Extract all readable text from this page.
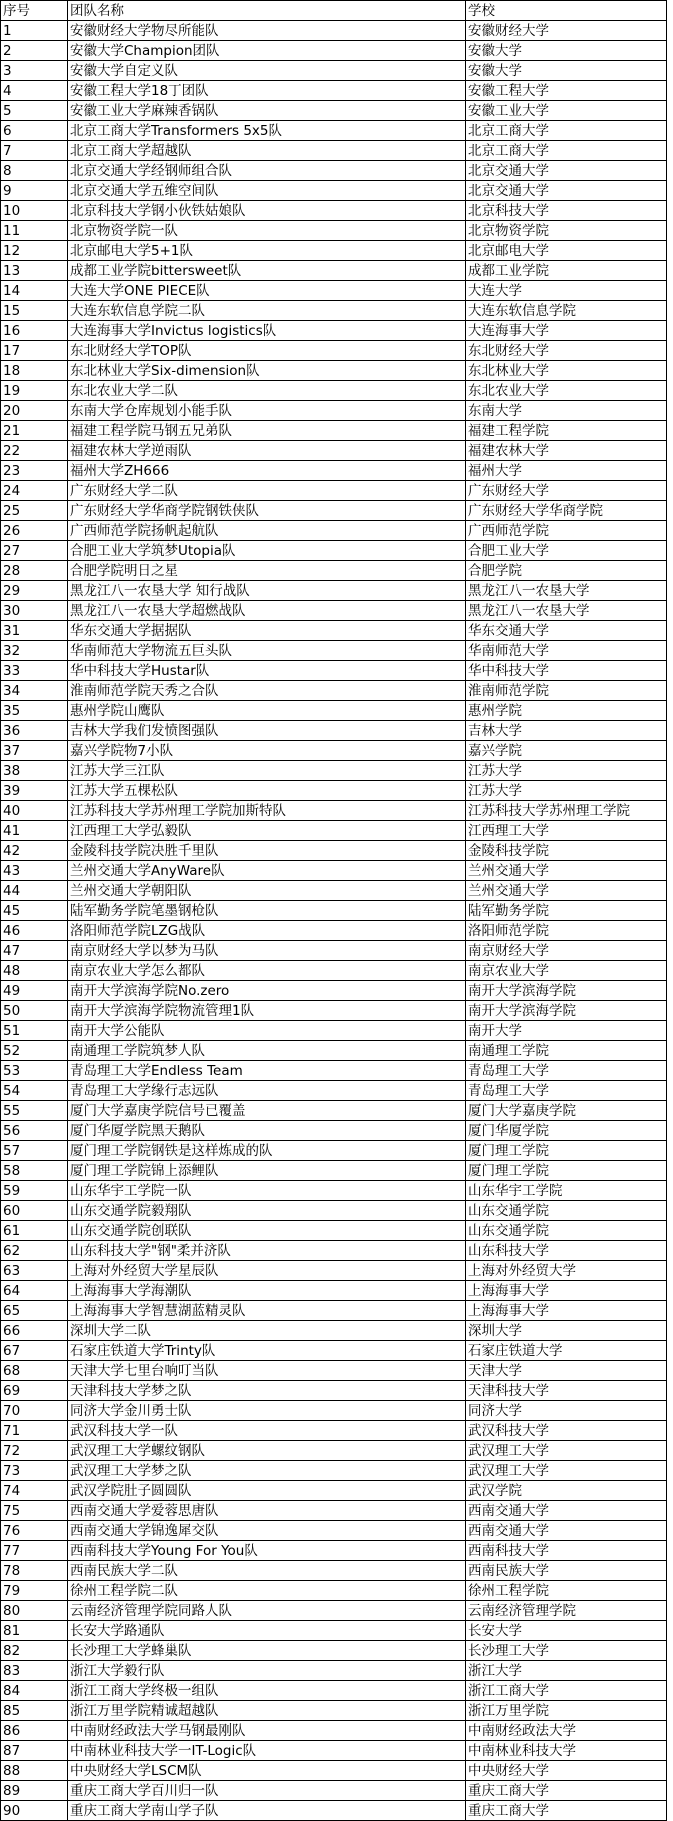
序号	团队名称	学校
1	安徽财经大学物尽所能队	安徽财经大学
2	安徽大学Champion团队	安徽大学
3	安徽大学自定义队	安徽大学
4	安徽工程大学18丁团队	安徽工程大学
5	安徽工业大学麻辣香锅队	安徽工业大学
6	北京工商大学Transformers 5x5队	北京工商大学
7	北京工商大学超越队	北京工商大学
8	北京交通大学经钢师组合队	北京交通大学
9	北京交通大学五维空间队	北京交通大学
10	北京科技大学钢小伙铁姑娘队	北京科技大学
11	北京物资学院一队	北京物资学院
12	北京邮电大学5+1队	北京邮电大学
13	成都工业学院bittersweet队	成都工业学院
14	大连大学ONE PIECE队	大连大学
15	大连东软信息学院二队	大连东软信息学院
16	大连海事大学Invictus logistics队	大连海事大学
17	东北财经大学TOP队	东北财经大学
18	东北林业大学Six-dimension队	东北林业大学
19	东北农业大学二队	东北农业大学
20	东南大学仓库规划小能手队	东南大学
21	福建工程学院马钢五兄弟队	福建工程学院
22	福建农林大学逆雨队	福建农林大学
23	福州大学ZH666	福州大学
24	广东财经大学二队	广东财经大学
25	广东财经大学华商学院钢铁侠队	广东财经大学华商学院
26	广西师范学院扬帆起航队	广西师范学院
27	合肥工业大学筑梦Utopia队	合肥工业大学
28	合肥学院明日之星	合肥学院
29	黑龙江八一农垦大学 知行战队	黑龙江八一农垦大学
30	黑龙江八一农垦大学超燃战队	黑龙江八一农垦大学
31	华东交通大学据据队	华东交通大学
32	华南师范大学物流五巨头队	华南师范大学
33	华中科技大学Hustar队	华中科技大学
34	淮南师范学院天秀之合队	淮南师范学院
35	惠州学院山鹰队	惠州学院
36	吉林大学我们发愤图强队	吉林大学
37	嘉兴学院物7小队	嘉兴学院
38	江苏大学三江队	江苏大学
39	江苏大学五棵松队	江苏大学
40	江苏科技大学苏州理工学院加斯特队	江苏科技大学苏州理工学院
41	江西理工大学弘毅队	江西理工大学
42	金陵科技学院决胜千里队	金陵科技学院
43	兰州交通大学AnyWare队	兰州交通大学
44	兰州交通大学朝阳队	兰州交通大学
45	陆军勤务学院笔墨钢枪队	陆军勤务学院
46	洛阳师范学院LZG战队	洛阳师范学院
47	南京财经大学以梦为马队	南京财经大学
48	南京农业大学怎么都队	南京农业大学
49	南开大学滨海学院No.zero	南开大学滨海学院
50	南开大学滨海学院物流管理1队	南开大学滨海学院
51	南开大学公能队	南开大学
52	南通理工学院筑梦人队	南通理工学院
53	青岛理工大学Endless Team	青岛理工大学
54	青岛理工大学缘行志远队	青岛理工大学
55	厦门大学嘉庚学院信号已覆盖	厦门大学嘉庚学院
56	厦门华厦学院黑天鹅队	厦门华厦学院
57	厦门理工学院钢铁是这样炼成的队	厦门理工学院
58	厦门理工学院锦上添鲤队	厦门理工学院
59	山东华宇工学院一队	山东华宇工学院
60	山东交通学院毅翔队	山东交通学院
61	山东交通学院创联队	山东交通学院
62	山东科技大学"钢"柔并济队	山东科技大学
63	上海对外经贸大学星辰队	上海对外经贸大学
64	上海海事大学海潮队	上海海事大学
65	上海海事大学智慧湖蓝精灵队	上海海事大学
66	深圳大学二队	深圳大学
67	石家庄铁道大学Trinty队	石家庄铁道大学
68	天津大学七里台响叮当队	天津大学
69	天津科技大学梦之队	天津科技大学
70	同济大学金川勇士队	同济大学
71	武汉科技大学一队	武汉科技大学
72	武汉理工大学螺纹钢队	武汉理工大学
73	武汉理工大学梦之队	武汉理工大学
74	武汉学院肚子圆圆队	武汉学院
75	西南交通大学爱蓉思唐队	西南交通大学
76	西南交通大学锦逸犀交队	西南交通大学
77	西南科技大学Young For You队	西南科技大学
78	西南民族大学二队	西南民族大学
79	徐州工程学院二队	徐州工程学院
80	云南经济管理学院同路人队	云南经济管理学院
81	长安大学路通队	长安大学
82	长沙理工大学蜂巢队	长沙理工大学
83	浙江大学毅行队	浙江大学
84	浙江工商大学终极一组队	浙江工商大学
85	浙江万里学院精诚超越队	浙江万里学院
86	中南财经政法大学马钢最刚队	中南财经政法大学
87	中南林业科技大学一IT-Logic队	中南林业科技大学
88	中央财经大学LSCM队	中央财经大学
89	重庆工商大学百川归一队	重庆工商大学
90	重庆工商大学南山学子队	重庆工商大学
